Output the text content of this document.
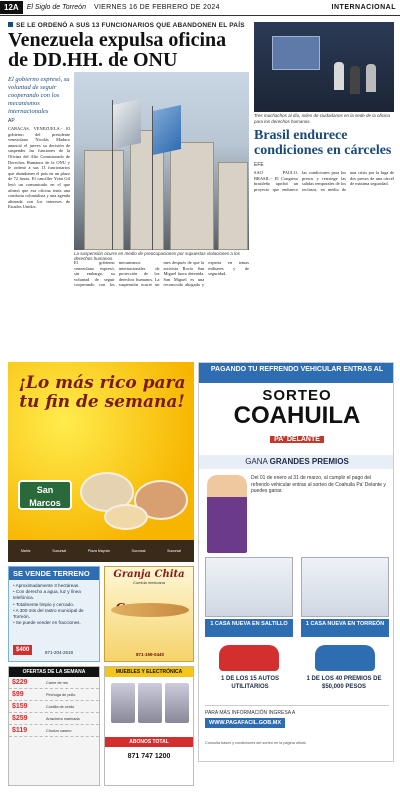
12A	El Siglo de Torreón VIERNES 16 DE FEBRERO DE 2024	INTERNACIONAL
SE LE ORDENÓ A SUS 13 FUNCIONARIOS QUE ABANDONEN EL PAÍS
Venezuela expulsa oficina de DD.HH. de ONU
El gobierno expresó, su voluntad de seguir cooperando con los mecanismos internacionales
AP
CARACAS, VENEZUELA.- El gobierno del presidente venezolano Nicolás Maduro anunció el jueves su decisión de suspender las funciones de la Oficina del Alto Comisionado de Derechos Humanos de la ONU y le ordenó a sus 13 funcionarios que abandonen el país en un plazo de 72 horas. El canciller Yván Gil leyó un comunicado en el que afirmó que esa oficina tenía una conducta colonialista y una agenda alineada con los intereses de Estados Unidos.
La suspensión ocurre en medio de preocupaciones por supuestas violaciones a los derechos humanos.
El gobierno venezolano expresó, sin embargo, su voluntad de seguir cooperando con los mecanismos internacionales de protección de los derechos humanos. La suspensión ocurre un mes después de que la activista Rocío San Miguel fuera detenida. San Miguel es una reconocida abogada y experta en temas militares y de seguridad.
Tres muchachos al día, miles de ciudadanos en la sede de la oficina para los derechos humanos.
Brasil endurece condiciones en cárceles
EFE
SAO PAULO, BRASIL.- El Congreso brasileño aprobó un proyecto que endurece las condiciones para los presos y restringe las salidas temporales de los reclusos, en medio de una crisis por la fuga de dos presos de una cárcel de máxima seguridad.
¡Lo más rico para tu fin de semana!
San Marcos
Matriz	Sucursal	Plaza Mayrán	Sucursal	Sucursal
PAGANDO TU REFRENDO VEHICULAR ENTRAS AL
SORTEO
COAHUILA
PA' DELANTE
GANA GRANDES PREMIOS
Del 01 de enero al 31 de marzo, al cumplir el pago del refrendo vehicular entras al sorteo de Coahuila Pa' Delante y puedes ganar.
1 CASA NUEVA EN SALTILLO	1 CASA NUEVA EN TORREÓN
1 DE LOS 15 AUTOS UTILITARIOS
1 DE LOS 40 PREMIOS DE $50,000 PESOS
PARA MÁS INFORMACIÓN INGRESA A
WWW.PAGAFACIL.GOB.MX
Consulta bases y condiciones del sorteo en la página oficial.
SE VENDE TERRENO
• Aproximadamente 3 hectáreas.
• Con derecho a agua, luz y línea telefónica.
• Totalmente limpio y cercado.
• A 300 mts del rastro municipal de Torreón.
• Se puede vender en fracciones.
$400	871-204-2618
Granja Chita
Comida mexicana
871-159-0440
OFERTAS DE LA SEMANA
$229	Carne de res
$99	Pechuga de pollo
$159	Costilla de cerdo
$259	Arrachera marinada
$119	Chorizo casero
MUEBLES Y ELECTRÓNICA
ABONOS TOTAL
871 747 1200
